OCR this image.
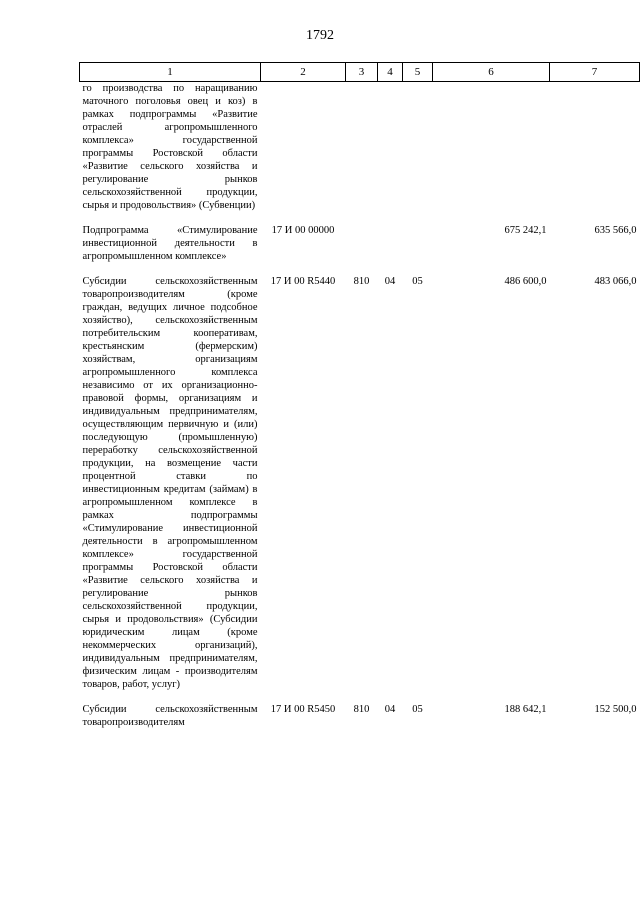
1792
1	2	3	4	5	6	7
го производства по наращиванию маточного поголовья овец и коз) в рамках подпрограммы «Развитие отраслей агропромышленного комплекса» государственной программы Ростовской области «Развитие сельского хозяйства и регулирование рынков сельскохозяйственной продукции, сырья и продовольствия» (Субвенции)						
Подпрограмма «Стимулирование инвестиционной деятельности в агропромышленном комплексе»	17 И 00 00000				675 242,1	635 566,0
Субсидии сельскохозяйственным товаропроизводителям (кроме граждан, ведущих личное подсобное хозяйство), сельскохозяйственным потребительским кооперативам, крестьянским (фермерским) хозяйствам, организациям агропромышленного комплекса независимо от их организационно-правовой формы, организациям и индивидуальным предпринимателям, осуществляющим первичную и (или) последующую (промышленную) переработку сельскохозяйственной продукции, на возмещение части процентной ставки по инвестиционным кредитам (займам) в агропромышленном комплексе в рамках подпрограммы «Стимулирование инвестиционной деятельности в агропромышленном комплексе» государственной программы Ростовской области «Развитие сельского хозяйства и регулирование рынков сельскохозяйственной продукции, сырья и продовольствия» (Субсидии юридическим лицам (кроме некоммерческих организаций), индивидуальным предпринимателям, физическим лицам - производителям товаров, работ, услуг)	17 И 00 R5440	810	04	05	486 600,0	483 066,0
Субсидии сельскохозяйственным товаропроизводителям	17 И 00 R5450	810	04	05	188 642,1	152 500,0
